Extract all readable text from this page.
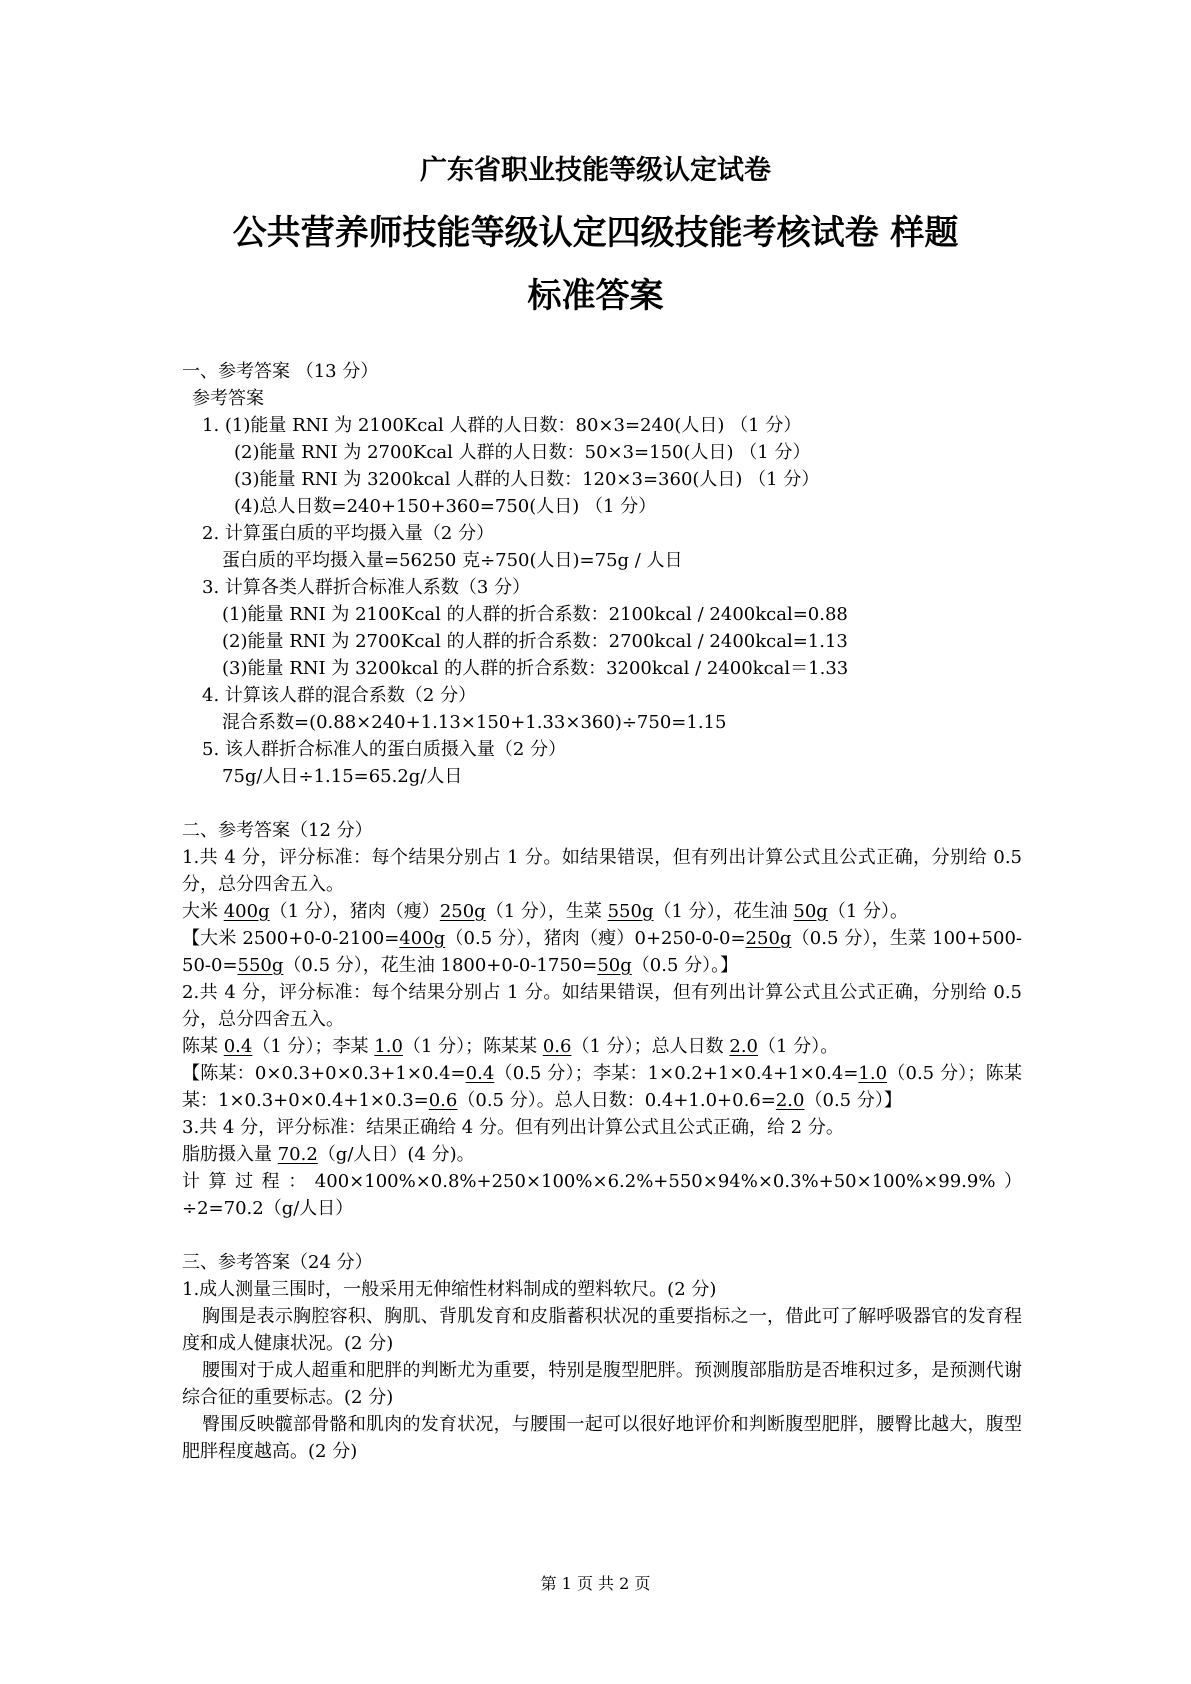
广东省职业技能等级认定试卷
公共营养师技能等级认定四级技能考核试卷 样题
标准答案
一、参考答案 （13 分）
参考答案
1. (1)能量 RNI 为 2100Kcal 人群的人日数：80×3=240(人日) （1 分）
(2)能量 RNI 为 2700Kcal 人群的人日数：50×3=150(人日) （1 分）
(3)能量 RNI 为 3200kcal 人群的人日数：120×3=360(人日) （1 分）
(4)总人日数=240+150+360=750(人日) （1 分）
2. 计算蛋白质的平均摄入量（2 分）
蛋白质的平均摄入量=56250 克÷750(人日)=75g / 人日
3. 计算各类人群折合标准人系数（3 分）
(1)能量 RNI 为 2100Kcal 的人群的折合系数：2100kcal / 2400kcal=0.88
(2)能量 RNI 为 2700Kcal 的人群的折合系数：2700kcal / 2400kcal=1.13
(3)能量 RNI 为 3200kcal 的人群的折合系数：3200kcal / 2400kcal＝1.33
4. 计算该人群的混合系数（2 分）
混合系数=(0.88×240+1.13×150+1.33×360)÷750=1.15
5. 该人群折合标准人的蛋白质摄入量（2 分）
75g/人日÷1.15=65.2g/人日
二、参考答案（12 分）
1.共 4 分，评分标准：每个结果分别占 1 分。如结果错误，但有列出计算公式且公式正确，分别给 0.5 分，总分四舍五入。
大米 400g（1 分），猪肉（瘦）250g（1 分），生菜 550g（1 分），花生油 50g（1 分）。
【大米 2500+0-0-2100=400g（0.5 分），猪肉（瘦）0+250-0-0=250g（0.5 分），生菜 100+500-50-0=550g（0.5 分），花生油 1800+0-0-1750=50g（0.5 分）。】
2.共 4 分，评分标准：每个结果分别占 1 分。如结果错误，但有列出计算公式且公式正确，分别给 0.5 分，总分四舍五入。
陈某 0.4（1 分）；李某 1.0（1 分）；陈某某 0.6（1 分）；总人日数 2.0（1 分）。
【陈某：0×0.3+0×0.3+1×0.4=0.4（0.5 分）；李某：1×0.2+1×0.4+1×0.4=1.0（0.5 分）；陈某某：1×0.3+0×0.4+1×0.3=0.6（0.5 分）。总人日数：0.4+1.0+0.6=2.0（0.5 分）】
3.共 4 分，评分标准：结果正确给 4 分。但有列出计算公式且公式正确，给 2 分。
脂肪摄入量 70.2（g/人日）(4 分)。
计算过程：400×100%×0.8%+250×100%×6.2%+550×94%×0.3%+50×100%×99.9%）÷2=70.2（g/人日）
三、参考答案（24 分）
1.成人测量三围时，一般采用无伸缩性材料制成的塑料软尺。(2 分)
胸围是表示胸腔容积、胸肌、背肌发育和皮脂蓄积状况的重要指标之一，借此可了解呼吸器官的发育程度和成人健康状况。(2 分)
腰围对于成人超重和肥胖的判断尤为重要，特别是腹型肥胖。预测腹部脂肪是否堆积过多，是预测代谢综合征的重要标志。(2 分)
臀围反映髋部骨骼和肌肉的发育状况，与腰围一起可以很好地评价和判断腹型肥胖，腰臀比越大，腹型肥胖程度越高。(2 分)
第 1 页 共 2 页
